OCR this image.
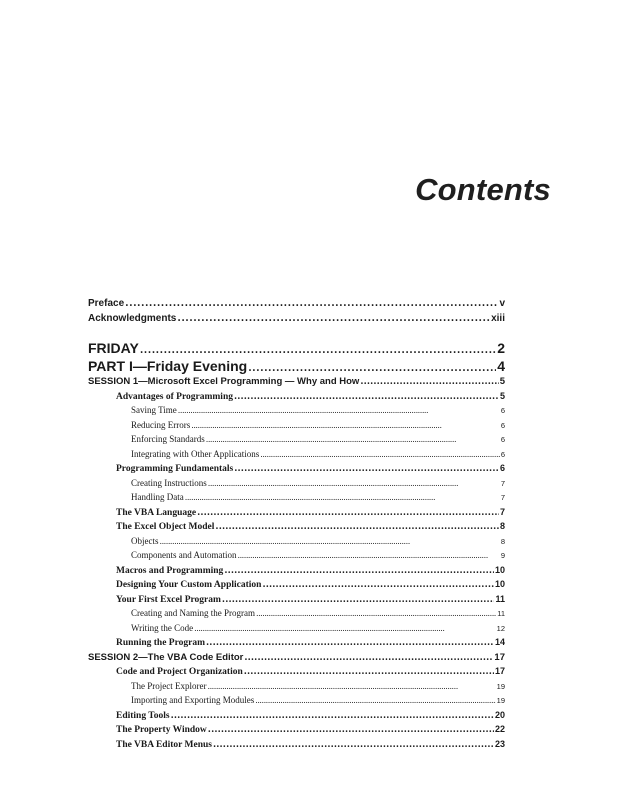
Contents
Preface . . .	v
Acknowledgments . . .	xiii
FRIDAY . . .	2
PART I—Friday Evening . . .	4
SESSION 1—Microsoft Excel Programming — Why and How . . .	5
Advantages of Programming . . .	5
Saving Time . . .	6
Reducing Errors . . .	6
Enforcing Standards . . .	6
Integrating with Other Applications . . .	6
Programming Fundamentals . . .	6
Creating Instructions . . .	7
Handling Data . . .	7
The VBA Language . . .	7
The Excel Object Model . . .	8
Objects . . .	8
Components and Automation . . .	9
Macros and Programming . . .	10
Designing Your Custom Application . . .	10
Your First Excel Program . . .	11
Creating and Naming the Program . . .	11
Writing the Code . . .	12
Running the Program . . .	14
SESSION 2—The VBA Code Editor . . .	17
Code and Project Organization . . .	17
The Project Explorer . . .	19
Importing and Exporting Modules . . .	19
Editing Tools . . .	20
The Property Window . . .	22
The VBA Editor Menus . . .	23
